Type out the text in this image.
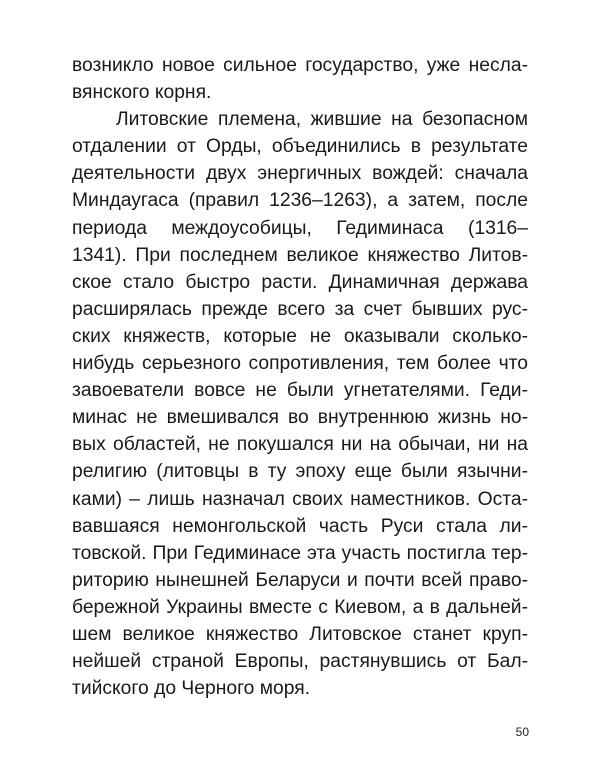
возникло новое сильное государство, уже несла-
вянского корня.
Литовские племена, жившие на безопасном
отдалении от Орды, объединились в результате
деятельности двух энергичных вождей: сначала
Миндаугаса (правил 1236–1263), а затем, после
периода междоусобицы, Гедиминаса (1316–
1341). При последнем великое княжество Литов-
ское стало быстро расти. Динамичная держава
расширялась прежде всего за счет бывших рус-
ских княжеств, которые не оказывали сколько-
нибудь серьезного сопротивления, тем более что
завоеватели вовсе не были угнетателями. Геди-
минас не вмешивался во внутреннюю жизнь но-
вых областей, не покушался ни на обычаи, ни на
религию (литовцы в ту эпоху еще были язычни-
ками) – лишь назначал своих наместников. Оста-
вавшаяся немонгольской часть Руси стала ли-
товской. При Гедиминасе эта участь постигла тер-
риторию нынешней Беларуси и почти всей право-
бережной Украины вместе с Киевом, а в дальней-
шем великое княжество Литовское станет круп-
нейшей страной Европы, растянувшись от Бал-
тийского до Черного моря.
50
